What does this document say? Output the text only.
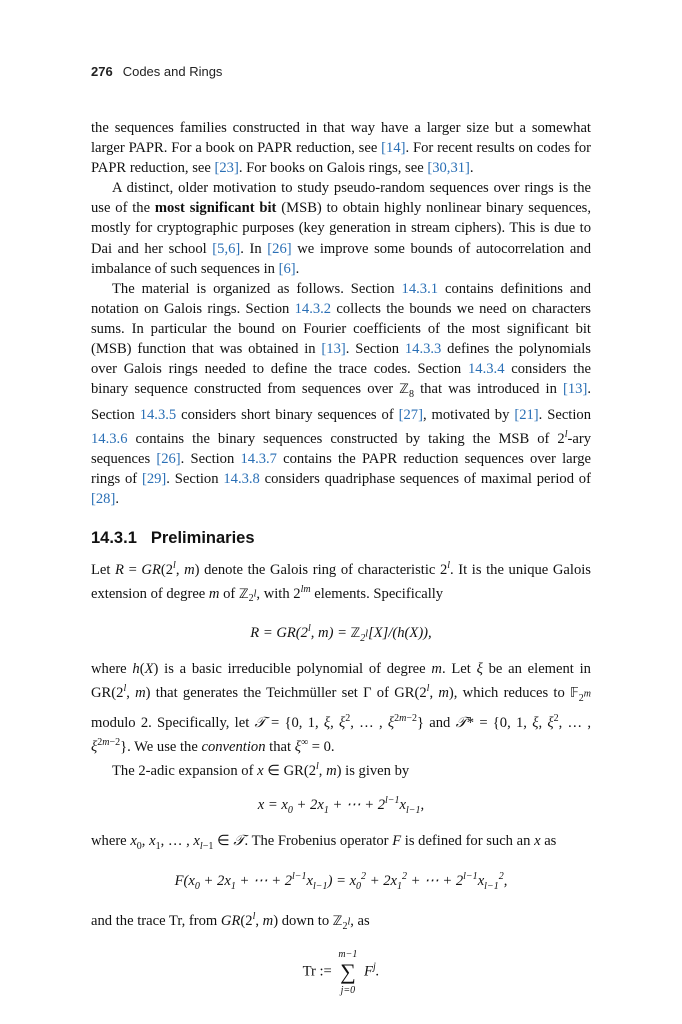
276 Codes and Rings

the sequences families constructed in that way have a larger size but a somewhat larger PAPR. For a book on PAPR reduction, see [14]. For recent results on codes for PAPR reduction, see [23]. For books on Galois rings, see [30,31].

A distinct, older motivation to study pseudo-random sequences over rings is the use of the most significant bit (MSB) to obtain highly nonlinear binary sequences, mostly for cryptographic purposes (key generation in stream ciphers). This is due to Dai and her school [5,6]. In [26] we improve some bounds of autocorrelation and imbalance of such sequences in [6].

The material is organized as follows. Section 14.3.1 contains definitions and notation on Galois rings. Section 14.3.2 collects the bounds we need on characters sums. In particular the bound on Fourier coefficients of the most significant bit (MSB) function that was obtained in [13]. Section 14.3.3 defines the polynomials over Galois rings needed to define the trace codes. Section 14.3.4 considers the binary sequence constructed from sequences over ℤ$_8$ that was introduced in [13]. Section 14.3.5 considers short binary sequences of [27], motivated by [21]. Section 14.3.6 contains the binary sequences constructed by taking the MSB of 2$^l$-ary sequences [26]. Section 14.3.7 contains the PAPR reduction sequences over large rings of [29]. Section 14.3.8 considers quadriphase sequences of maximal period of [28].

14.3.1 Preliminaries

Let $R = GR(2^l$, m) denote the Galois ring of characteristic 2$^l$. It is the unique Galois extension of degree m of ℤ$_{2^l}$, with $2^{lm}$ elements. Specifically

$R = GR(2^l$, m) = ℤ$_{2^l}$[X]/(h(X)),

where h(X) is a basic irreducible polynomial of degree m. Let ξ be an element in GR(2$^l$, m) that generates the Teichmüller set Γ of GR(2$^l$, m), which reduces to 𝔽$_{2^m}$ modulo 2. Specifically, let 𝒯 = {0, 1, ξ, $\xi^2$, … , $\xi^{2m-2}$} and 𝒯* = {0, 1, ξ, $\xi^2$, … , $\xi^{2m-2}$}. We use the convention that ξ∞ = 0.

The 2-adic expansion of x ∈ GR(2$^l$, m) is given by

$x = x_0 + 2x_1$ + ⋯ + $2^{l-1}x_{l-1}$,

where $x_0$, $x_1$, … , $x_{l-1}$ ∈ 𝒯. The Frobenius operator F is defined for such an x as

$F(x_0 + 2x_1$ + ⋯ + $2^{l-1}x_{l-1}) = x_0^2 + 2x_1^2$ + ⋯ + $2^{l-1}x_{l-1}^2$,

and the trace Tr, from GR(2$^l$, m) down to ℤ$_{2^l}$, as

Tr := m−1
∑
j=0 $F^j$.
